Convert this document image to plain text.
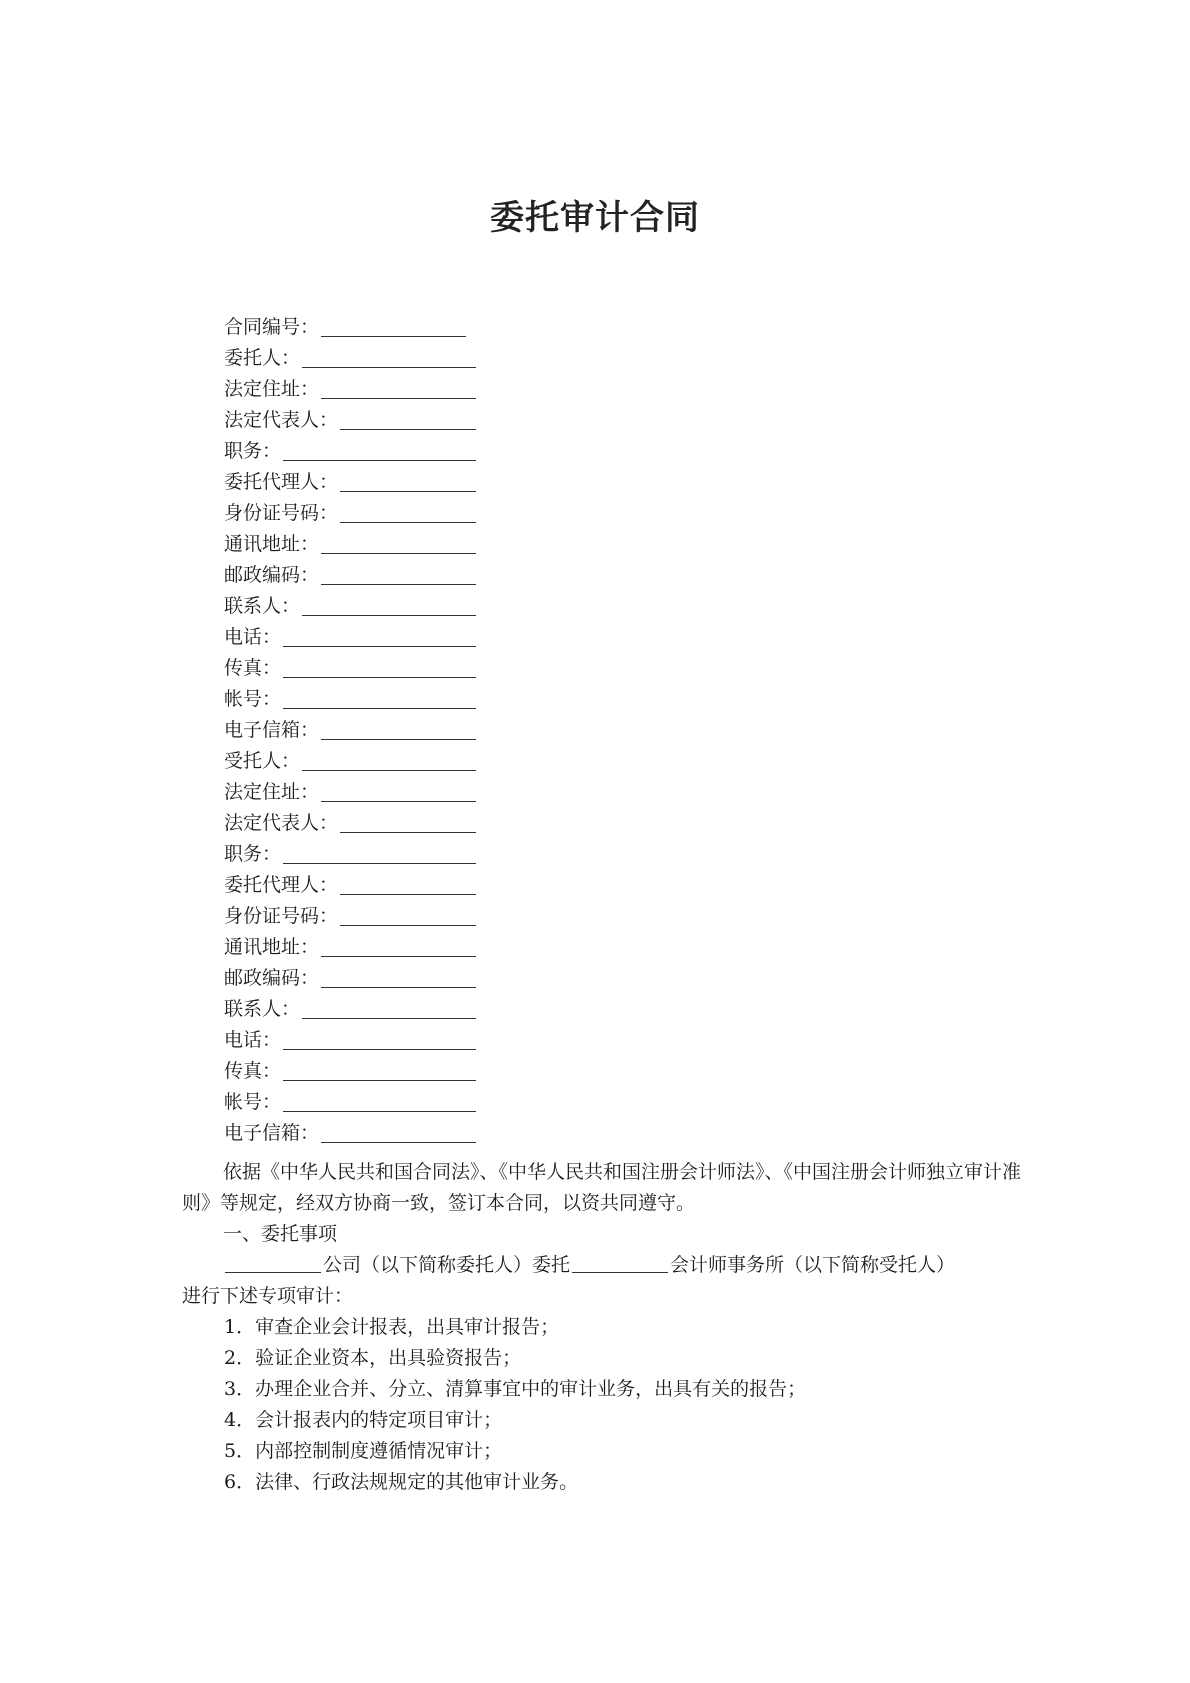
委托审计合同
合同编号：
委托人：
法定住址：
法定代表人：
职务：
委托代理人：
身份证号码：
通讯地址：
邮政编码：
联系人：
电话：
传真：
帐号：
电子信箱：
受托人：
法定住址：
法定代表人：
职务：
委托代理人：
身份证号码：
通讯地址：
邮政编码：
联系人：
电话：
传真：
帐号：
电子信箱：

依据《中华人民共和国合同法》、《中华人民共和国注册会计师法》、《中国注册会计师独立审计准则》等规定，经双方协商一致，签订本合同，以资共同遵守。

一、委托事项

公司（以下简称委托人）委托	会计师事务所（以下简称受托人）

进行下述专项审计：

1．审查企业会计报表，出具审计报告；

2．验证企业资本，出具验资报告；

3．办理企业合并、分立、清算事宜中的审计业务，出具有关的报告；

4．会计报表内的特定项目审计；

5．内部控制制度遵循情况审计；

6．法律、行政法规规定的其他审计业务。
